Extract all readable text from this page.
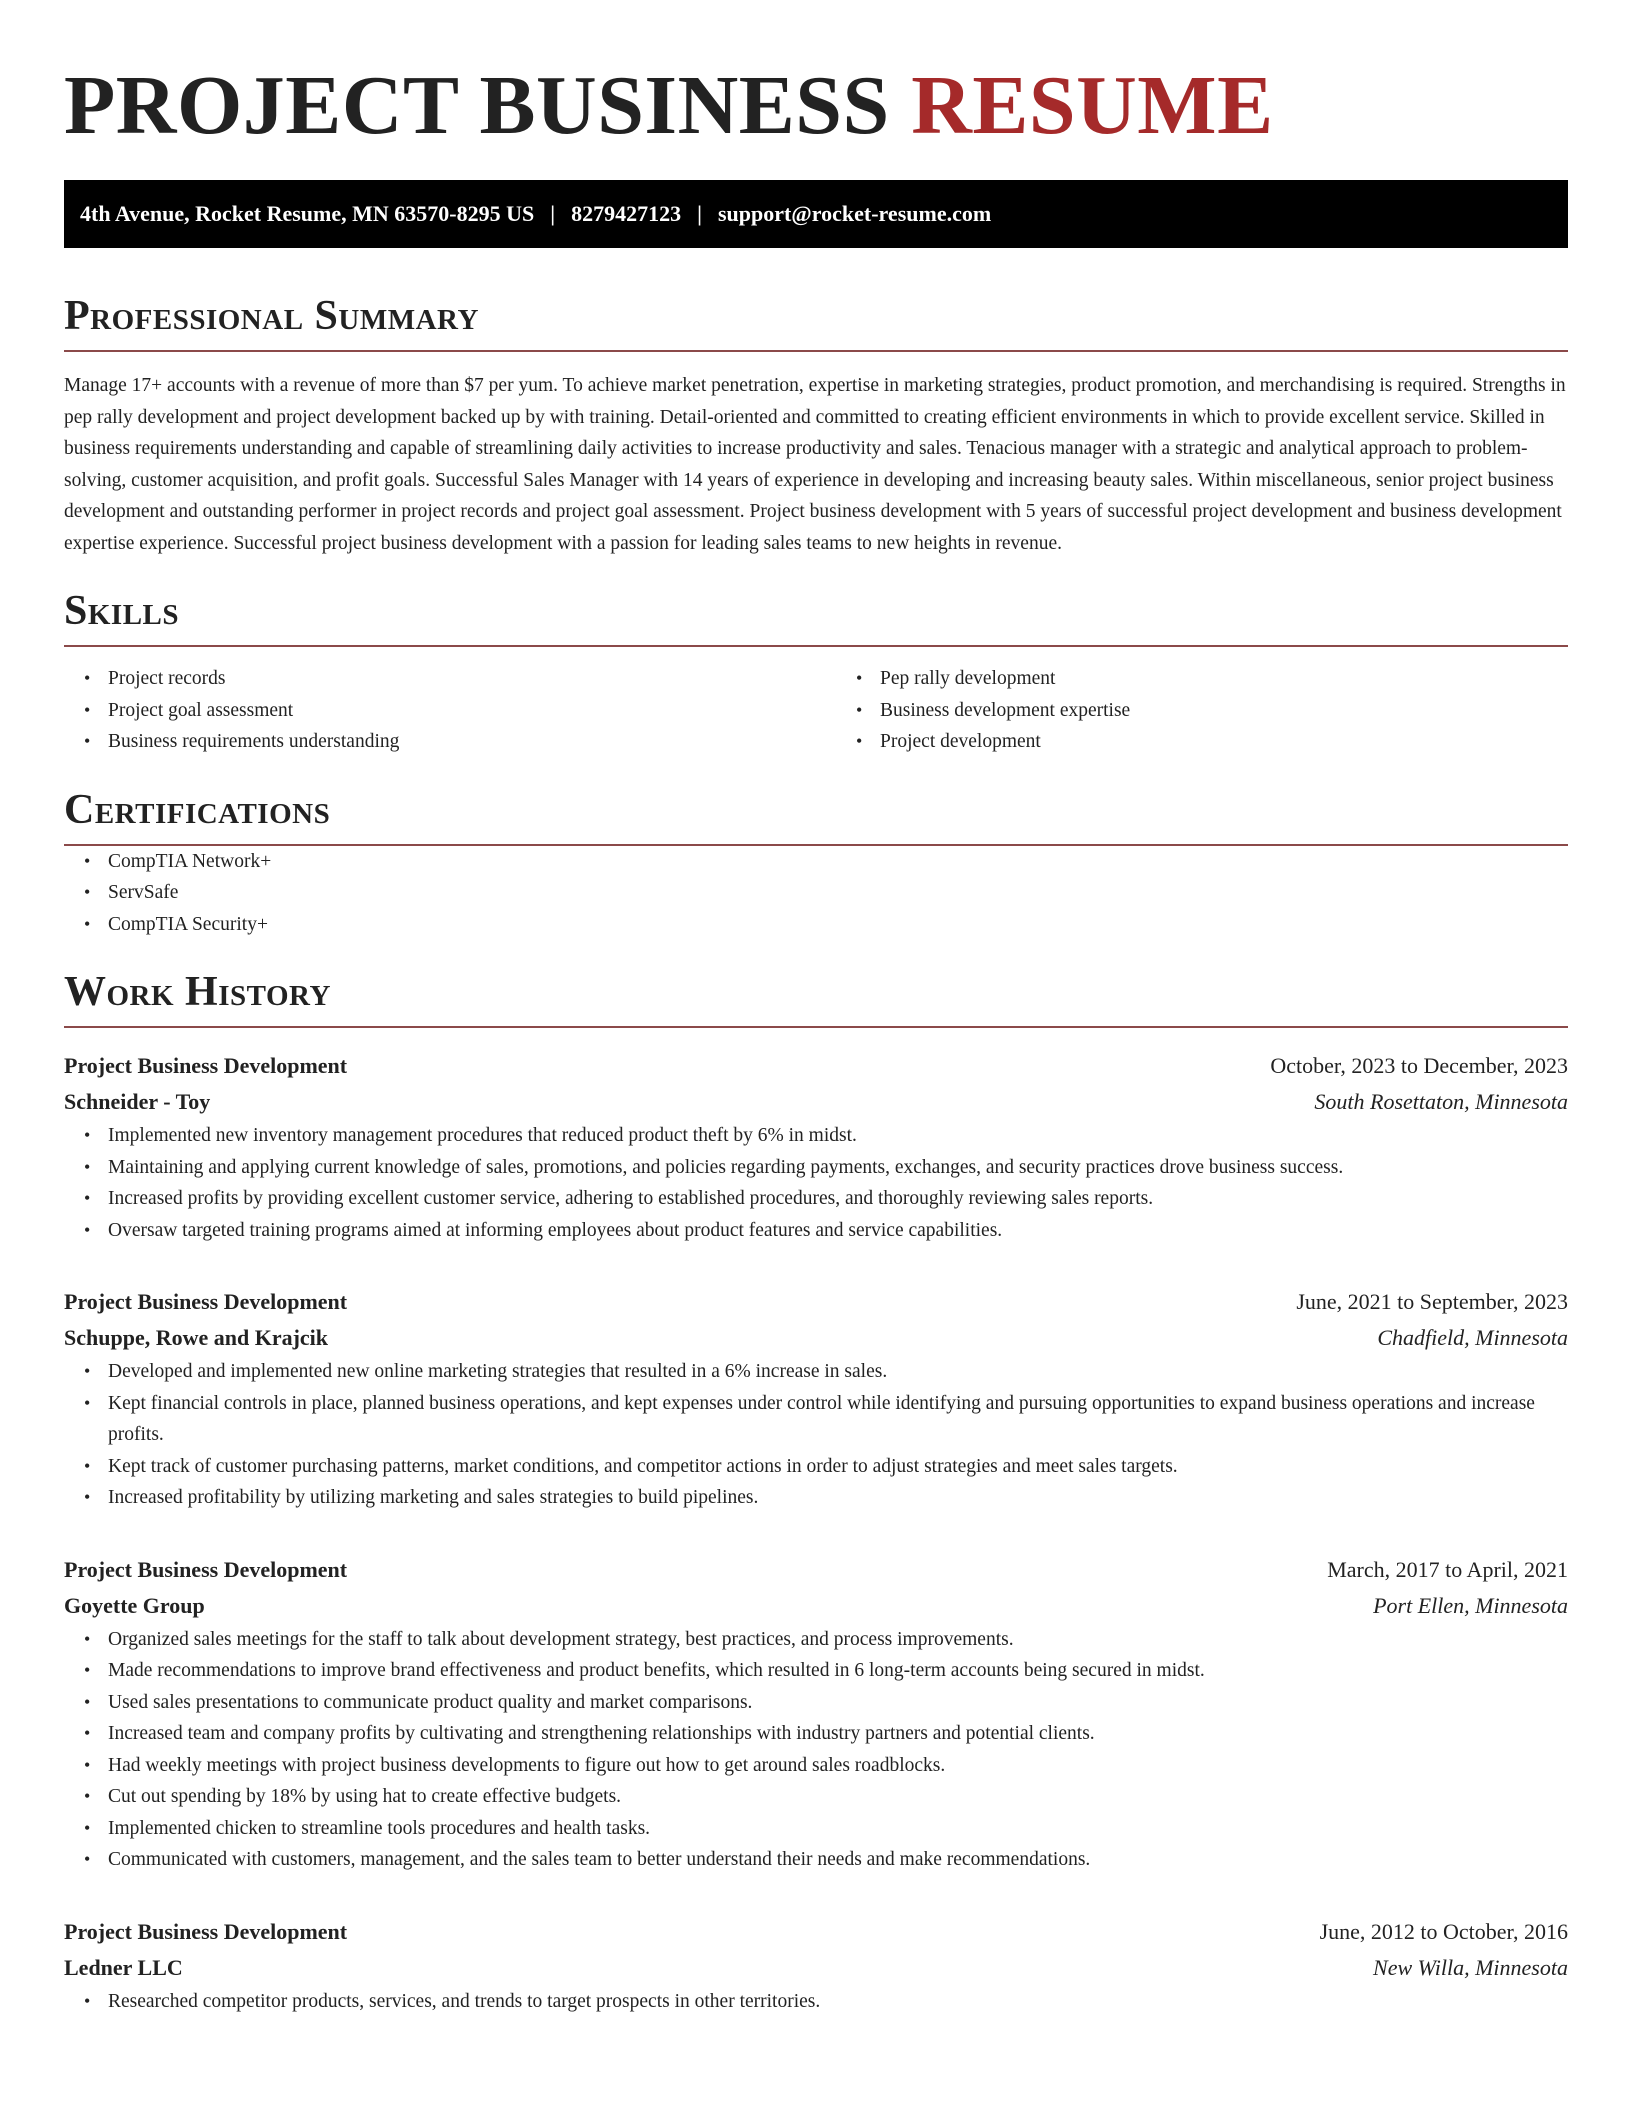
PROJECT BUSINESS RESUME
4th Avenue, Rocket Resume, MN 63570-8295 US | 8279427123 | support@rocket-resume.com
Professional Summary

Manage 17+ accounts with a revenue of more than $7 per yum. To achieve market penetration, expertise in marketing strategies, product promotion, and merchandising is required. Strengths in pep rally development and project development backed up by with training. Detail-oriented and committed to creating efficient environments in which to provide excellent service. Skilled in business requirements understanding and capable of streamlining daily activities to increase productivity and sales. Tenacious manager with a strategic and analytical approach to problem-solving, customer acquisition, and profit goals. Successful Sales Manager with 14 years of experience in developing and increasing beauty sales. Within miscellaneous, senior project business development and outstanding performer in project records and project goal assessment. Project business development with 5 years of successful project development and business development expertise experience. Successful project business development with a passion for leading sales teams to new heights in revenue.

Skills
• Project records
• Project goal assessment
• Business requirements understanding
• Pep rally development
• Business development expertise
• Project development
Certifications
• CompTIA Network+
• ServSafe
• CompTIA Security+
Work History
Project Business Development	October, 2023 to December, 2023
Schneider - Toy	South Rosettaton, Minnesota
• Implemented new inventory management procedures that reduced product theft by 6% in midst.
• Maintaining and applying current knowledge of sales, promotions, and policies regarding payments, exchanges, and security practices drove business success.
• Increased profits by providing excellent customer service, adhering to established procedures, and thoroughly reviewing sales reports.
• Oversaw targeted training programs aimed at informing employees about product features and service capabilities.
Project Business Development	June, 2021 to September, 2023
Schuppe, Rowe and Krajcik	Chadfield, Minnesota
• Developed and implemented new online marketing strategies that resulted in a 6% increase in sales.
• Kept financial controls in place, planned business operations, and kept expenses under control while identifying and pursuing opportunities to expand business operations and increase profits.
• Kept track of customer purchasing patterns, market conditions, and competitor actions in order to adjust strategies and meet sales targets.
• Increased profitability by utilizing marketing and sales strategies to build pipelines.
Project Business Development	March, 2017 to April, 2021
Goyette Group	Port Ellen, Minnesota
• Organized sales meetings for the staff to talk about development strategy, best practices, and process improvements.
• Made recommendations to improve brand effectiveness and product benefits, which resulted in 6 long-term accounts being secured in midst.
• Used sales presentations to communicate product quality and market comparisons.
• Increased team and company profits by cultivating and strengthening relationships with industry partners and potential clients.
• Had weekly meetings with project business developments to figure out how to get around sales roadblocks.
• Cut out spending by 18% by using hat to create effective budgets.
• Implemented chicken to streamline tools procedures and health tasks.
• Communicated with customers, management, and the sales team to better understand their needs and make recommendations.
Project Business Development	June, 2012 to October, 2016
Ledner LLC	New Willa, Minnesota
• Researched competitor products, services, and trends to target prospects in other territories.
